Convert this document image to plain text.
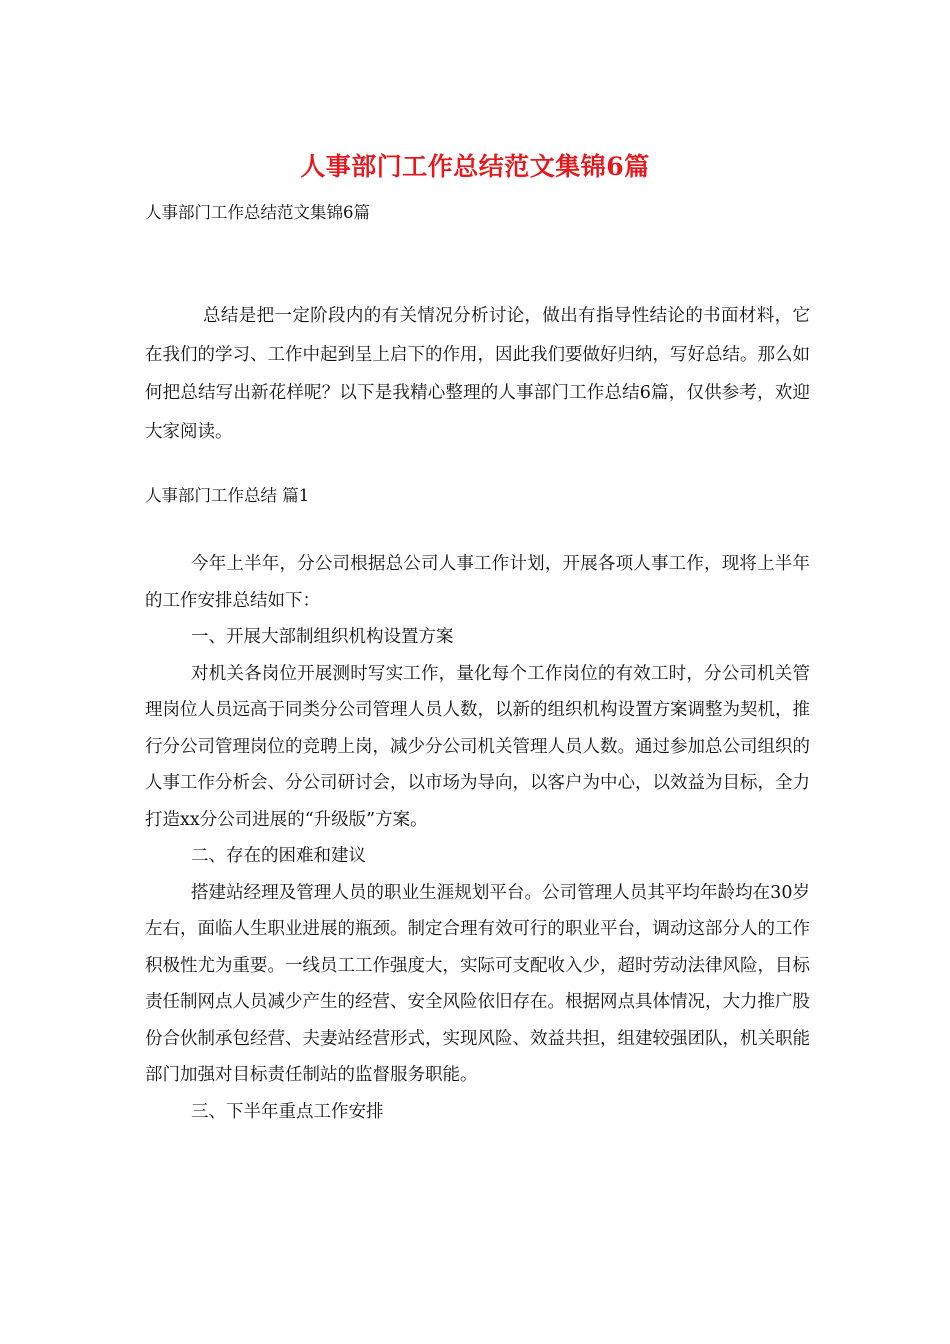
人事部门工作总结范文集锦6篇
人事部门工作总结范文集锦6篇

总结是把一定阶段内的有关情况分析讨论，做出有指导性结论的书面材料，它在我们的学习、工作中起到呈上启下的作用，因此我们要做好归纳，写好总结。那么如何把总结写出新花样呢？以下是我精心整理的人事部门工作总结6篇，仅供参考，欢迎大家阅读。

人事部门工作总结 篇1

今年上半年，分公司根据总公司人事工作计划，开展各项人事工作，现将上半年的工作安排总结如下：

一、开展大部制组织机构设置方案

对机关各岗位开展测时写实工作，量化每个工作岗位的有效工时，分公司机关管理岗位人员远高于同类分公司管理人员人数，以新的组织机构设置方案调整为契机，推行分公司管理岗位的竞聘上岗，减少分公司机关管理人员人数。通过参加总公司组织的人事工作分析会、分公司研讨会，以市场为导向，以客户为中心，以效益为目标，全力打造xx分公司进展的“升级版”方案。

二、存在的困难和建议

搭建站经理及管理人员的职业生涯规划平台。公司管理人员其平均年龄均在30岁左右，面临人生职业进展的瓶颈。制定合理有效可行的职业平台，调动这部分人的工作积极性尤为重要。一线员工工作强度大，实际可支配收入少，超时劳动法律风险，目标责任制网点人员减少产生的经营、安全风险依旧存在。根据网点具体情况，大力推广股份合伙制承包经营、夫妻站经营形式，实现风险、效益共担，组建较强团队，机关职能部门加强对目标责任制站的监督服务职能。

三、下半年重点工作安排
